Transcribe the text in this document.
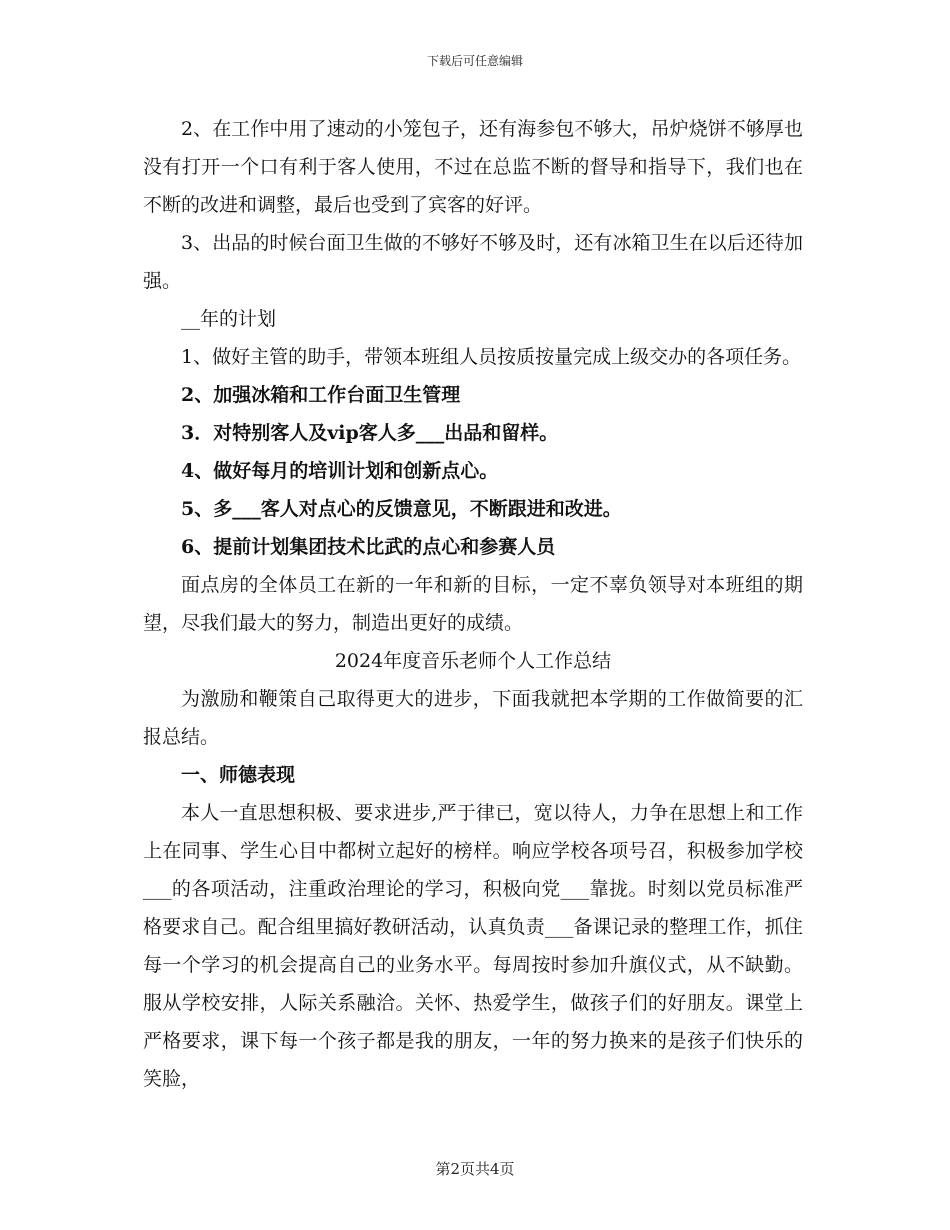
下载后可任意编辑

2、在工作中用了速动的小笼包子，还有海参包不够大，吊炉烧饼不够厚也没有打开一个口有利于客人使用，不过在总监不断的督导和指导下，我们也在不断的改进和调整，最后也受到了宾客的好评。

3、出品的时候台面卫生做的不够好不够及时，还有冰箱卫生在以后还待加强。

__年的计划

1、做好主管的助手，带领本班组人员按质按量完成上级交办的各项任务。

2、加强冰箱和工作台面卫生管理

3．对特别客人及vip客人多___出品和留样。

4、做好每月的培训计划和创新点心。

5、多___客人对点心的反馈意见，不断跟进和改进。

6、提前计划集团技术比武的点心和参赛人员

面点房的全体员工在新的一年和新的目标，一定不辜负领导对本班组的期望，尽我们最大的努力，制造出更好的成绩。

2024年度音乐老师个人工作总结

为激励和鞭策自己取得更大的进步，下面我就把本学期的工作做简要的汇报总结。

一、师德表现

本人一直思想积极、要求进步,严于律已，宽以待人，力争在思想上和工作上在同事、学生心目中都树立起好的榜样。响应学校各项号召，积极参加学校___的各项活动，注重政治理论的学习，积极向党___靠拢。时刻以党员标准严格要求自己。配合组里搞好教研活动，认真负责___备课记录的整理工作，抓住每一个学习的机会提高自己的业务水平。每周按时参加升旗仪式，从不缺勤。服从学校安排，人际关系融洽。关怀、热爱学生，做孩子们的好朋友。课堂上严格要求，课下每一个孩子都是我的朋友，一年的努力换来的是孩子们快乐的笑脸，

第2页共4页
